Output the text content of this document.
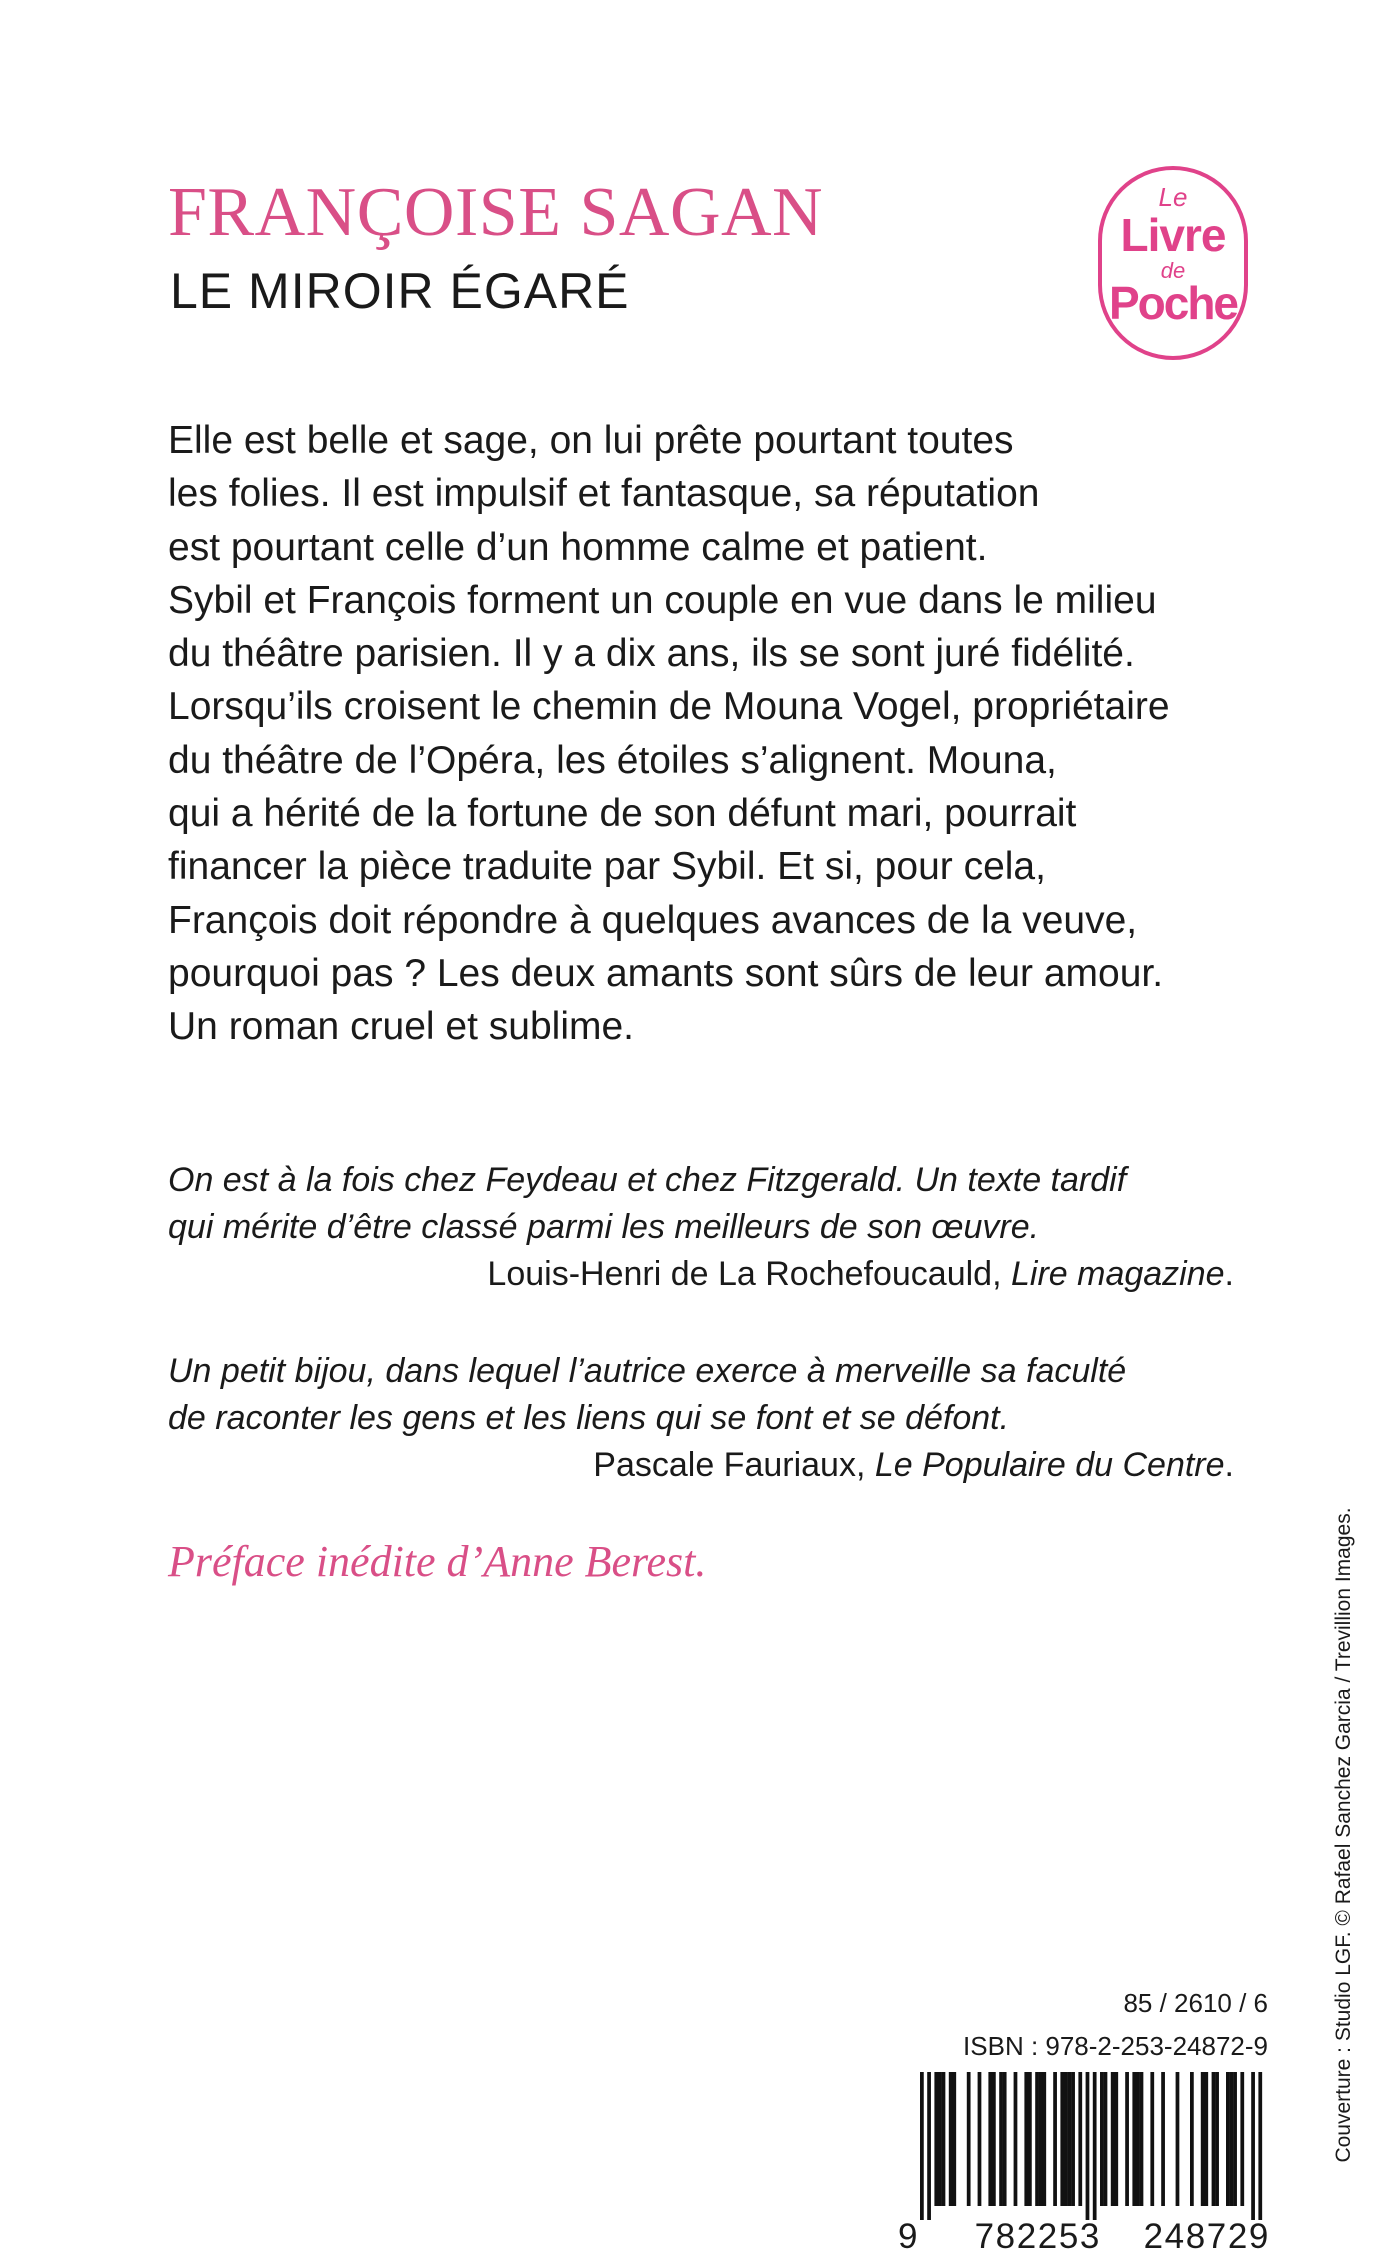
FRANÇOISE SAGAN
LE MIROIR ÉGARÉ
Le
Livre
de
Poche
Elle est belle et sage, on lui prête pourtant toutes
les folies. Il est impulsif et fantasque, sa réputation
est pourtant celle d’un homme calme et patient.
Sybil et François forment un couple en vue dans le milieu
du théâtre parisien. Il y a dix ans, ils se sont juré fidélité.
Lorsqu’ils croisent le chemin de Mouna Vogel, propriétaire
du théâtre de l’Opéra, les étoiles s’alignent. Mouna,
qui a hérité de la fortune de son défunt mari, pourrait
financer la pièce traduite par Sybil. Et si, pour cela,
François doit répondre à quelques avances de la veuve,
pourquoi pas ? Les deux amants sont sûrs de leur amour.
Un roman cruel et sublime.
On est à la fois chez Feydeau et chez Fitzgerald. Un texte tardif
qui mérite d’être classé parmi les meilleurs de son œuvre.
Louis-Henri de La Rochefoucauld, Lire magazine.
Un petit bijou, dans lequel l’autrice exerce à merveille sa faculté
de raconter les gens et les liens qui se font et se défont.
Pascale Fauriaux, Le Populaire du Centre.
Préface inédite d’Anne Berest.	Couverture : Studio LGF. © Rafael Sanchez Garcia / Trevillion Images.
85 / 2610 / 6
ISBN : 978-2-253-24872-9
9	782253 248729
